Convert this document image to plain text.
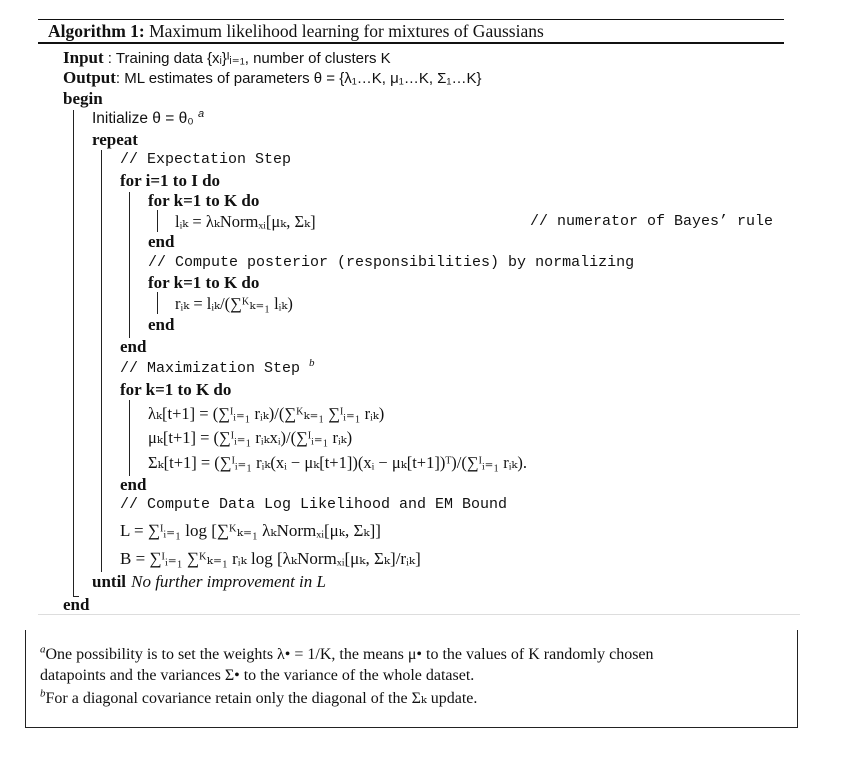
Algorithm 1: Maximum likelihood learning for mixtures of Gaussians
Input : Training data {xᵢ}ᴵᵢ₌₁, number of clusters K
Output: ML estimates of parameters θ = {λ₁…K, μ₁…K, Σ₁…K}
begin
Initialize θ = θ₀ $^a$
repeat
// Expectation Step
for i=1 to I do
for k=1 to K do
lᵢₖ = λₖNormₓᵢ[μₖ, Σₖ]	// numerator of Bayes’ rule
end
// Compute posterior (responsibilities) by normalizing
for k=1 to K do
rᵢₖ = lᵢₖ/(∑ᴷₖ₌₁ lᵢₖ)
end
end
// Maximization Step $^b$
for k=1 to K do
λₖ[t+1] = (∑ᴵᵢ₌₁ rᵢₖ)/(∑ᴷₖ₌₁ ∑ᴵᵢ₌₁ rᵢₖ)
μₖ[t+1] = (∑ᴵᵢ₌₁ rᵢₖxᵢ)/(∑ᴵᵢ₌₁ rᵢₖ)
Σₖ[t+1] = (∑ᴵᵢ₌₁ rᵢₖ(xᵢ − μₖ[t+1])(xᵢ − μₖ[t+1])ᵀ)/(∑ᴵᵢ₌₁ rᵢₖ).
end
// Compute Data Log Likelihood and EM Bound
L = ∑ᴵᵢ₌₁ log [∑ᴷₖ₌₁ λₖNormₓᵢ[μₖ, Σₖ]]
B = ∑ᴵᵢ₌₁ ∑ᴷₖ₌₁ rᵢₖ log [λₖNormₓᵢ[μₖ, Σₖ]/rᵢₖ]
until No further improvement in L
end
$^a$One possibility is to set the weights λ• = 1/K, the means μ• to the values of K randomly chosen
datapoints and the variances Σ• to the variance of the whole dataset.
$^b$For a diagonal covariance retain only the diagonal of the Σₖ update.
